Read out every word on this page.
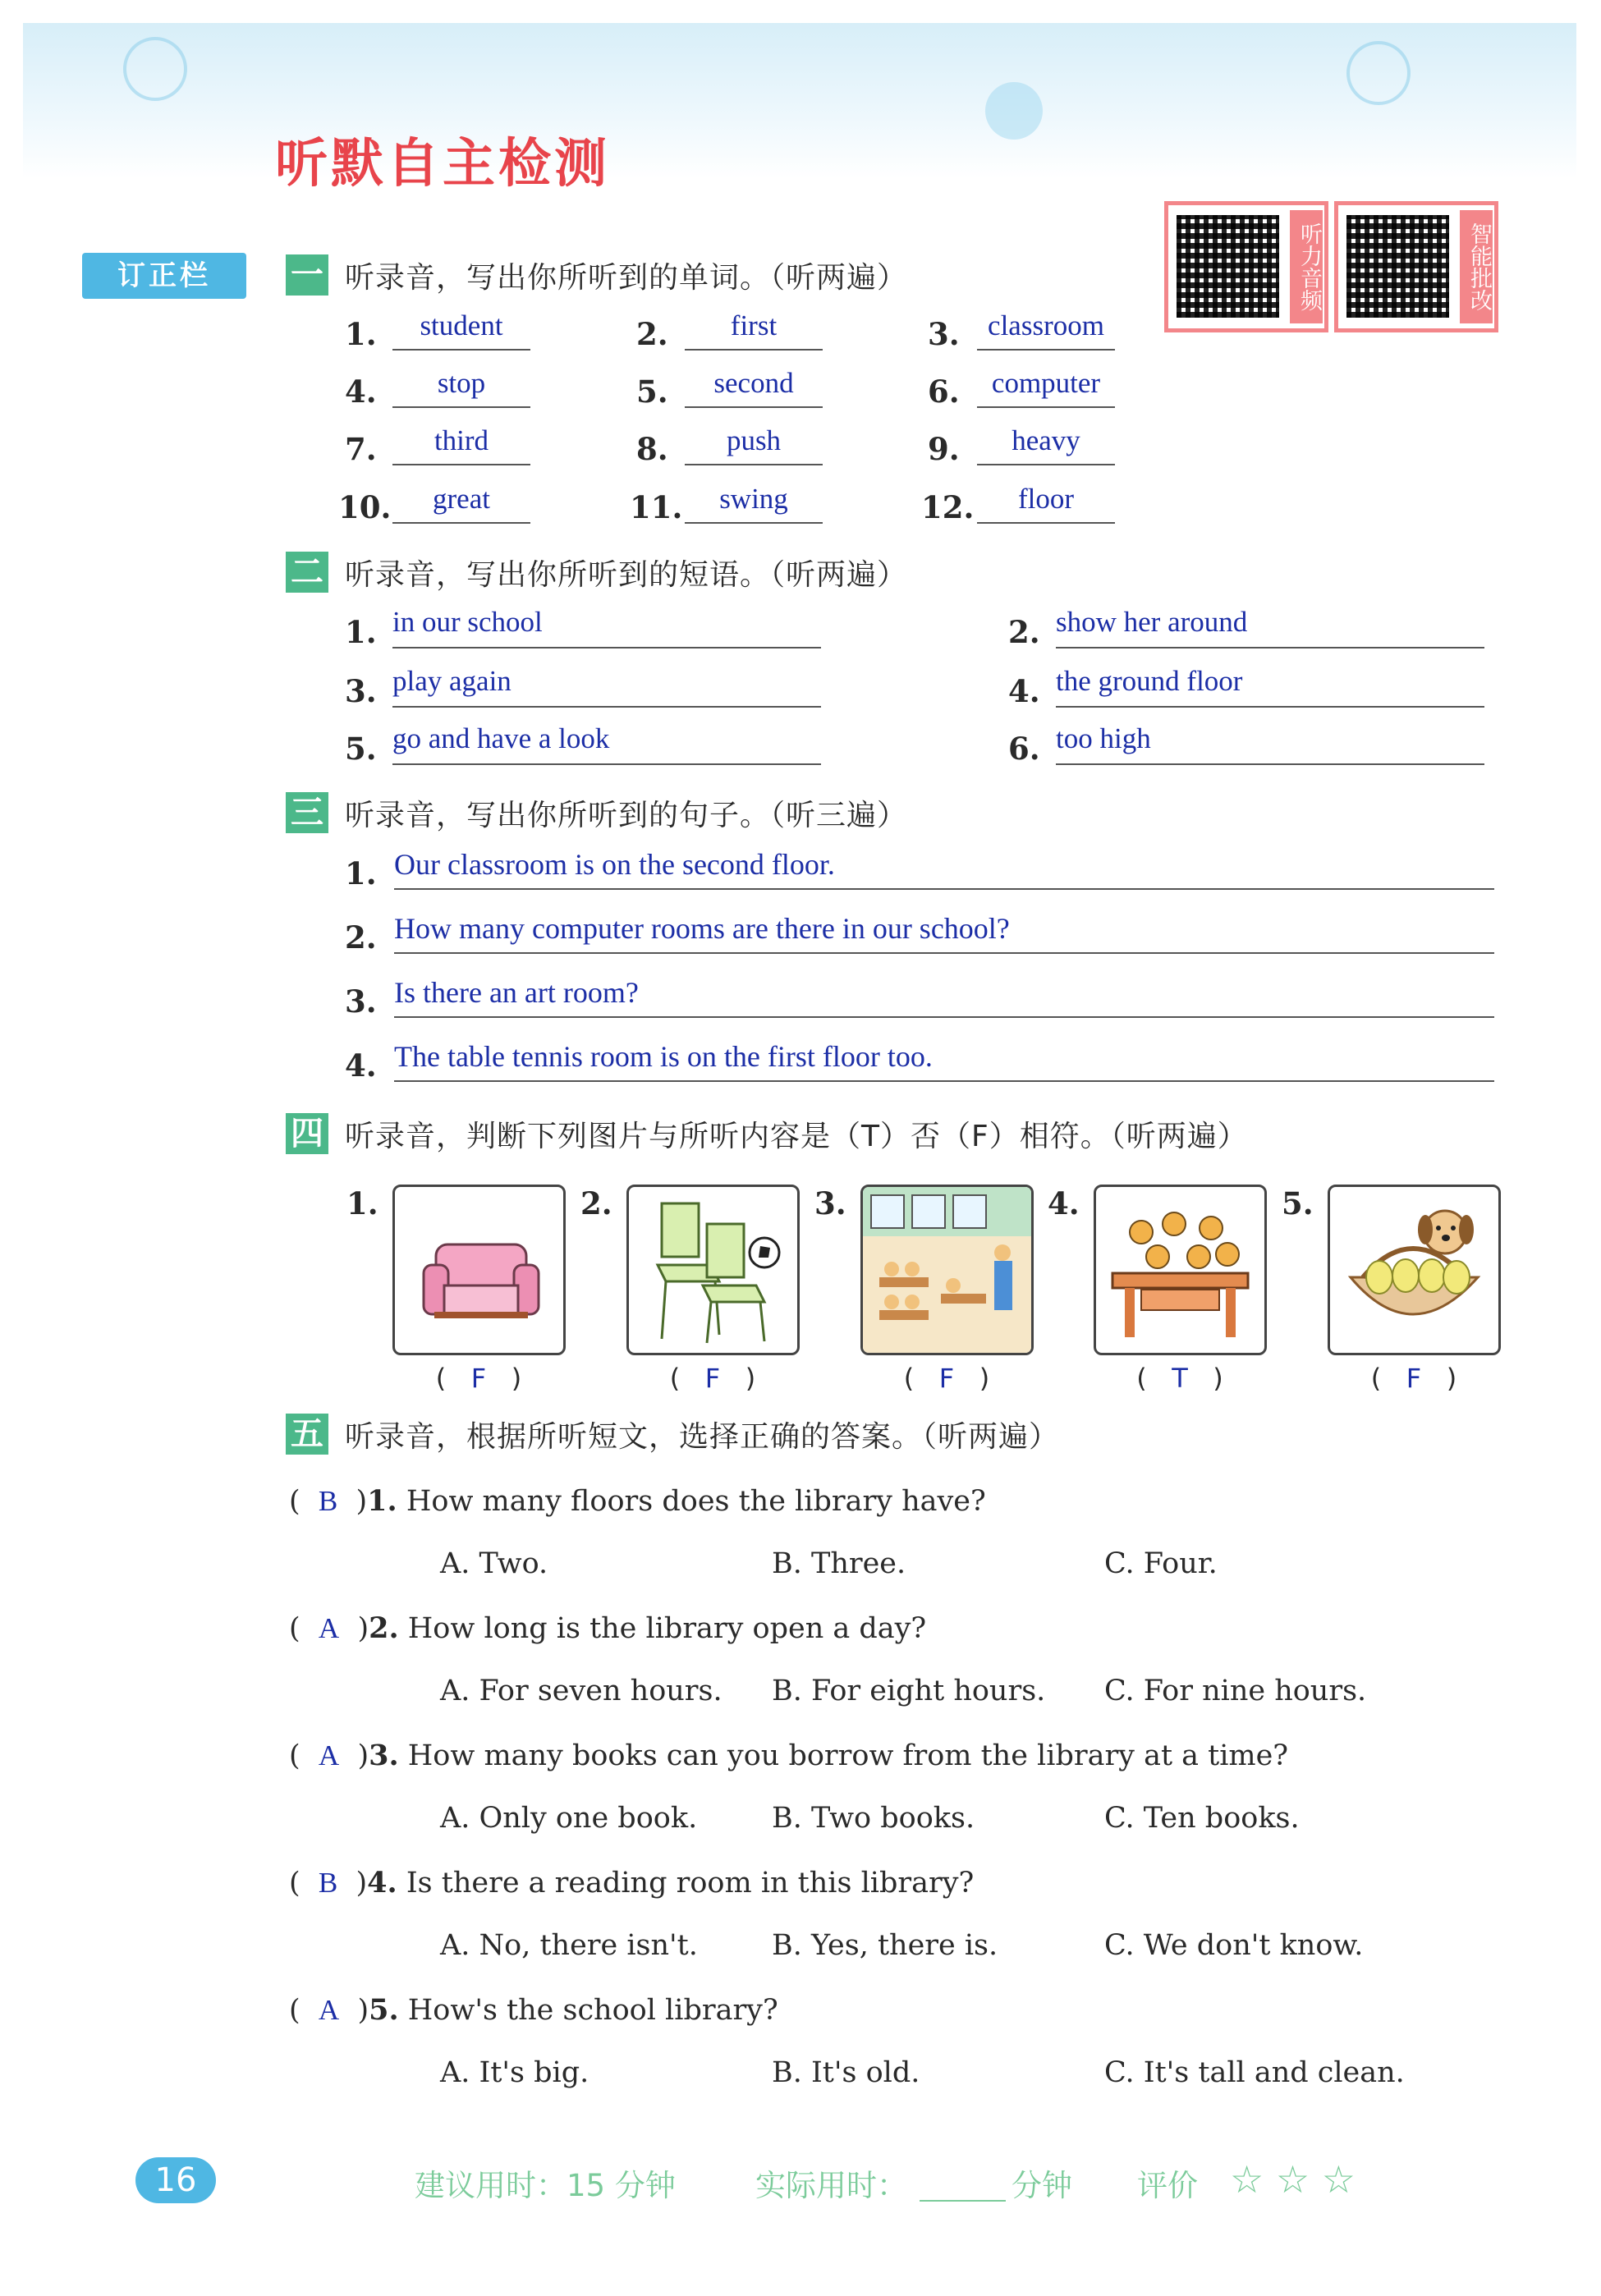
听默自主检测
订正栏	听力音频	智能批改
一 听录音，写出你所听到的单词。（听两遍）
1.	student	2.	first	3. classroom
4.	stop	5.	second	6.	computer
7.	third	8.	push	9.	heavy
10.	great	11.	swing	12.	floor
二 听录音，写出你所听到的短语。（听两遍）
1. in our school	2. show her around
3. play again	4. the ground floor
5. go and have a look	6. too high
三 听录音，写出你所听到的句子。（听三遍）
1. Our classroom is on the second floor.
2. How many computer rooms are there in our school?
3. Is there an art room?
4. The table tennis room is on the first floor too.
四 听录音，判断下列图片与所听内容是（T）否（F）相符。（听两遍）
1.
(   F   )
2.
(   F   )
3.
(   F   )
4.
(   T   )
5.
(   F   )
五 听录音，根据所听短文，选择正确的答案。（听两遍）
(  B  )1. How many floors does the library have?
A. Two.	B. Three.	C. Four.
(  A  )2. How long is the library open a day?
A. For seven hours. B. For eight hours. C. For nine hours.
(  A  )3. How many books can you borrow from the library at a time?
A. Only one book.	B. Two books.	C. Ten books.
(  B  )4. Is there a reading room in this library?
A. No, there isn't.	B. Yes, there is.	C. We don't know.
(  A  )5. How's the school library?
A. It's big.	B. It's old.	C. It's tall and clean.
16	建议用时：15 分钟	实际用时：	分钟 评价 ☆ ☆ ☆
